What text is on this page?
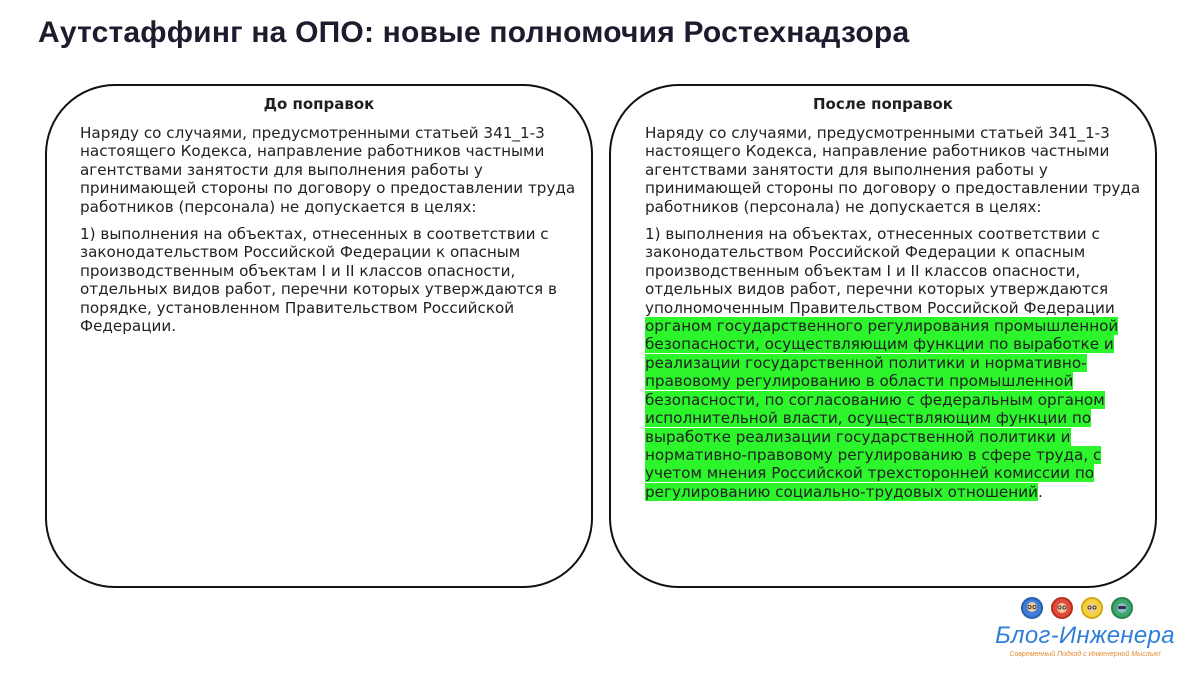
Аутстаффинг на ОПО: новые полномочия Ростехнадзора
До поправок

Наряду со случаями, предусмотренными статьей 341_1-3 настоящего Кодекса, направление работников частными агентствами занятости для выполнения работы у принимающей стороны по договору о предоставлении труда работников (персонала) не допускается в целях:

1) выполнения на объектах, отнесенных в соответствии с законодательством Российской Федерации к опасным производственным объектам I и II классов опасности, отдельных видов работ, перечни которых утверждаются в порядке, установленном Правительством Российской Федерации.

После поправок

Наряду со случаями, предусмотренными статьей 341_1-3 настоящего Кодекса, направление работников частными агентствами занятости для выполнения работы у принимающей стороны по договору о предоставлении труда работников (персонала) не допускается в целях:

1) выполнения на объектах, отнесенных соответствии с законодательством Российской Федерации к опасным производственным объектам I и II классов опасности, отдельных видов работ, перечни которых утверждаются уполномоченным Правительством Российской Федерации органом государственного регулирования промышленной безопасности, осуществляющим функции по выработке и реализации государственной политики и нормативно-правовому регулированию в области промышленной безопасности, по согласованию с федеральным органом исполнительной власти, осуществляющим функции по выработке реализации государственной политики и нормативно-правовому регулированию в сфере труда, с учетом мнения Российской трехсторонней комиссии по регулированию социально-трудовых отношений.

Блог-Инженера
Современный Подход с Инженерной Мыслью!
